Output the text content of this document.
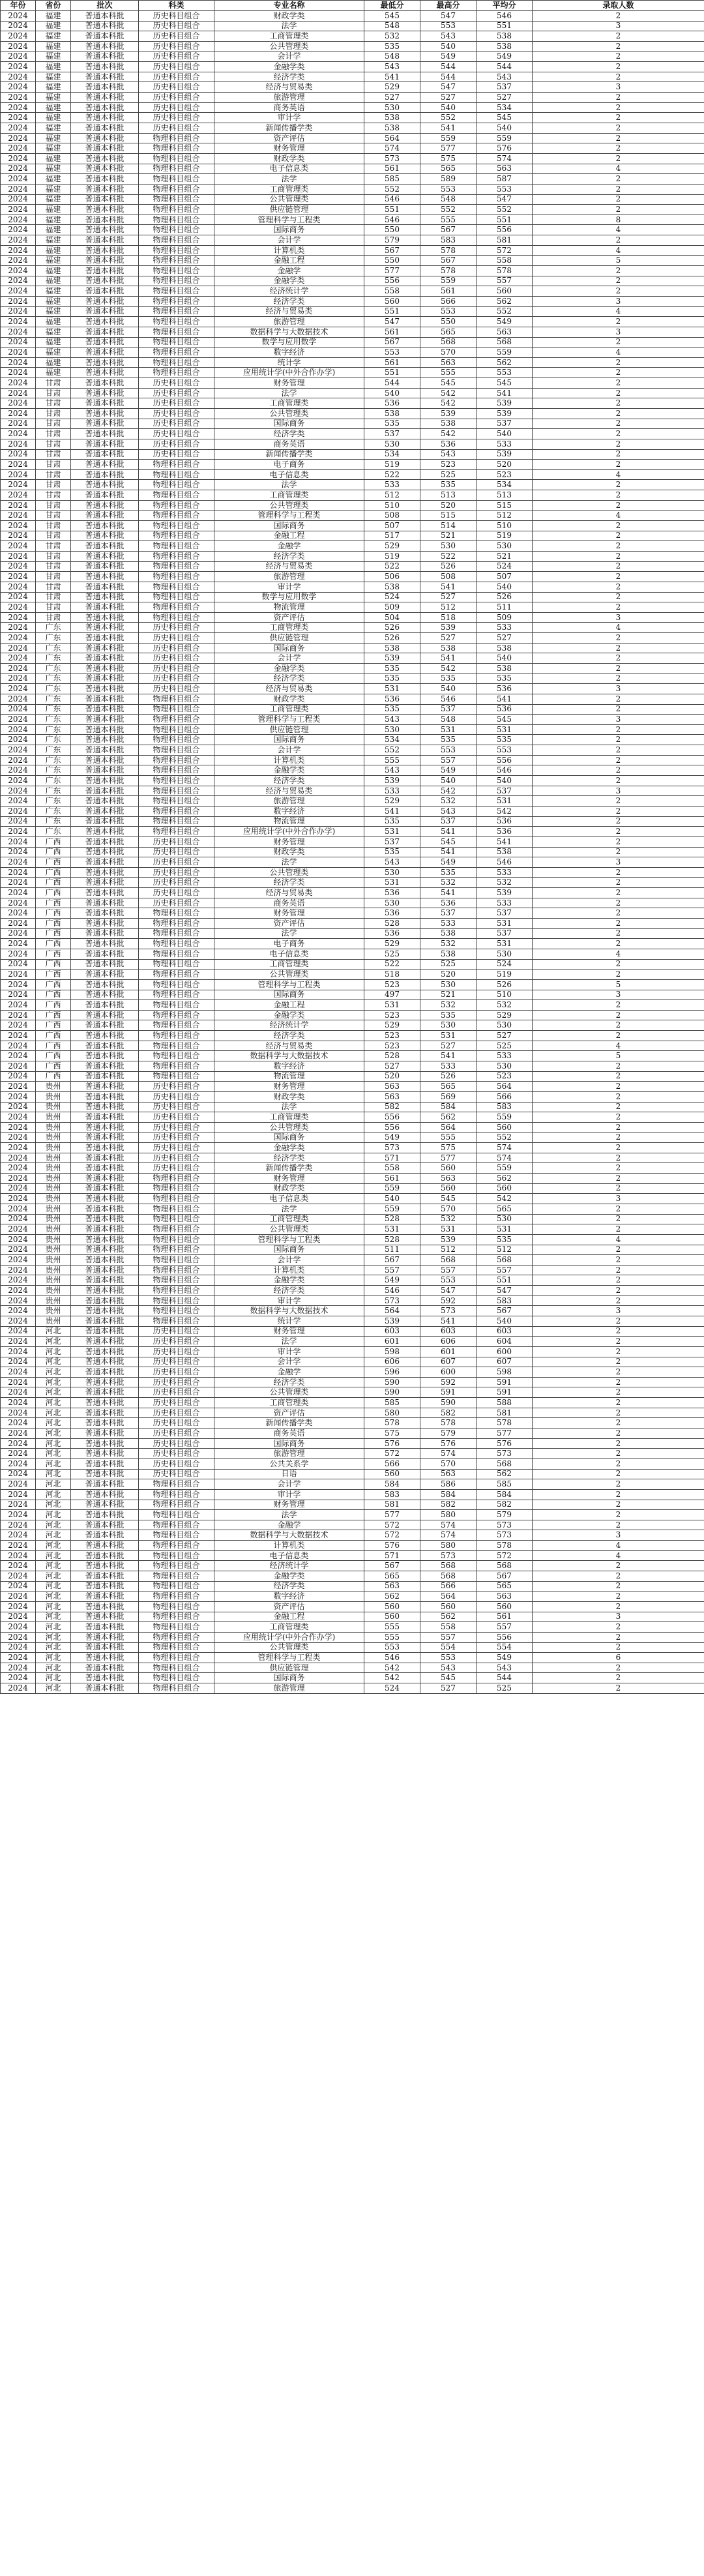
年份	省份	批次	科类	专业名称	最低分	最高分	平均分	录取人数
2024	福建	普通本科批	历史科目组合	财政学类	545	547	546	2
2024	福建	普通本科批	历史科目组合	法学	548	553	551	3
2024	福建	普通本科批	历史科目组合	工商管理类	532	543	538	2
2024	福建	普通本科批	历史科目组合	公共管理类	535	540	538	2
2024	福建	普通本科批	历史科目组合	会计学	548	549	549	2
2024	福建	普通本科批	历史科目组合	金融学类	543	544	544	2
2024	福建	普通本科批	历史科目组合	经济学类	541	544	543	2
2024	福建	普通本科批	历史科目组合	经济与贸易类	529	547	537	3
2024	福建	普通本科批	历史科目组合	旅游管理	527	527	527	2
2024	福建	普通本科批	历史科目组合	商务英语	530	540	534	2
2024	福建	普通本科批	历史科目组合	审计学	538	552	545	2
2024	福建	普通本科批	历史科目组合	新闻传播学类	538	541	540	2
2024	福建	普通本科批	物理科目组合	资产评估	564	559	559	2
2024	福建	普通本科批	物理科目组合	财务管理	574	577	576	2
2024	福建	普通本科批	物理科目组合	财政学类	573	575	574	2
2024	福建	普通本科批	物理科目组合	电子信息类	561	565	563	4
2024	福建	普通本科批	物理科目组合	法学	585	589	587	2
2024	福建	普通本科批	物理科目组合	工商管理类	552	553	553	2
2024	福建	普通本科批	物理科目组合	公共管理类	546	548	547	2
2024	福建	普通本科批	物理科目组合	供应链管理	551	552	552	2
2024	福建	普通本科批	物理科目组合	管理科学与工程类	546	555	551	8
2024	福建	普通本科批	物理科目组合	国际商务	550	567	556	4
2024	福建	普通本科批	物理科目组合	会计学	579	583	581	2
2024	福建	普通本科批	物理科目组合	计算机类	567	578	572	4
2024	福建	普通本科批	物理科目组合	金融工程	550	567	558	5
2024	福建	普通本科批	物理科目组合	金融学	577	578	578	2
2024	福建	普通本科批	物理科目组合	金融学类	556	559	557	2
2024	福建	普通本科批	物理科目组合	经济统计学	558	561	560	2
2024	福建	普通本科批	物理科目组合	经济学类	560	566	562	3
2024	福建	普通本科批	物理科目组合	经济与贸易类	551	553	552	4
2024	福建	普通本科批	物理科目组合	旅游管理	547	550	549	2
2024	福建	普通本科批	物理科目组合	数据科学与大数据技术	561	565	563	3
2024	福建	普通本科批	物理科目组合	数学与应用数学	567	568	568	2
2024	福建	普通本科批	物理科目组合	数字经济	553	570	559	4
2024	福建	普通本科批	物理科目组合	统计学	561	563	562	2
2024	福建	普通本科批	物理科目组合	应用统计学(中外合作办学)	551	555	553	2
2024	甘肃	普通本科批	历史科目组合	财务管理	544	545	545	2
2024	甘肃	普通本科批	历史科目组合	法学	540	542	541	2
2024	甘肃	普通本科批	历史科目组合	工商管理类	536	542	539	2
2024	甘肃	普通本科批	历史科目组合	公共管理类	538	539	539	2
2024	甘肃	普通本科批	历史科目组合	国际商务	535	538	537	2
2024	甘肃	普通本科批	历史科目组合	经济学类	537	542	540	2
2024	甘肃	普通本科批	历史科目组合	商务英语	530	536	533	2
2024	甘肃	普通本科批	历史科目组合	新闻传播学类	534	543	539	2
2024	甘肃	普通本科批	物理科目组合	电子商务	519	523	520	2
2024	甘肃	普通本科批	物理科目组合	电子信息类	522	525	523	4
2024	甘肃	普通本科批	物理科目组合	法学	533	535	534	2
2024	甘肃	普通本科批	物理科目组合	工商管理类	512	513	513	2
2024	甘肃	普通本科批	物理科目组合	公共管理类	510	520	515	2
2024	甘肃	普通本科批	物理科目组合	管理科学与工程类	508	515	512	4
2024	甘肃	普通本科批	物理科目组合	国际商务	507	514	510	2
2024	甘肃	普通本科批	物理科目组合	金融工程	517	521	519	2
2024	甘肃	普通本科批	物理科目组合	金融学	529	530	530	2
2024	甘肃	普通本科批	物理科目组合	经济学类	519	522	521	2
2024	甘肃	普通本科批	物理科目组合	经济与贸易类	522	526	524	2
2024	甘肃	普通本科批	物理科目组合	旅游管理	506	508	507	2
2024	甘肃	普通本科批	物理科目组合	审计学	538	541	540	2
2024	甘肃	普通本科批	物理科目组合	数学与应用数学	524	527	526	2
2024	甘肃	普通本科批	物理科目组合	物流管理	509	512	511	2
2024	甘肃	普通本科批	物理科目组合	资产评估	504	518	509	3
2024	广东	普通本科批	历史科目组合	工商管理类	526	539	533	4
2024	广东	普通本科批	历史科目组合	供应链管理	526	527	527	2
2024	广东	普通本科批	历史科目组合	国际商务	538	538	538	2
2024	广东	普通本科批	历史科目组合	会计学	539	541	540	2
2024	广东	普通本科批	历史科目组合	金融学类	535	542	538	2
2024	广东	普通本科批	历史科目组合	经济学类	535	535	535	2
2024	广东	普通本科批	历史科目组合	经济与贸易类	531	540	536	3
2024	广东	普通本科批	物理科目组合	财政学类	536	546	541	2
2024	广东	普通本科批	物理科目组合	工商管理类	535	537	536	2
2024	广东	普通本科批	物理科目组合	管理科学与工程类	543	548	545	3
2024	广东	普通本科批	物理科目组合	供应链管理	530	531	531	2
2024	广东	普通本科批	物理科目组合	国际商务	534	535	535	2
2024	广东	普通本科批	物理科目组合	会计学	552	553	553	2
2024	广东	普通本科批	物理科目组合	计算机类	555	557	556	2
2024	广东	普通本科批	物理科目组合	金融学类	543	549	546	2
2024	广东	普通本科批	物理科目组合	经济学类	539	540	540	2
2024	广东	普通本科批	物理科目组合	经济与贸易类	533	542	537	3
2024	广东	普通本科批	物理科目组合	旅游管理	529	532	531	2
2024	广东	普通本科批	物理科目组合	数字经济	541	543	542	2
2024	广东	普通本科批	物理科目组合	物流管理	535	537	536	2
2024	广东	普通本科批	物理科目组合	应用统计学(中外合作办学)	531	541	536	2
2024	广西	普通本科批	历史科目组合	财务管理	537	545	541	2
2024	广西	普通本科批	历史科目组合	财政学类	535	541	538	2
2024	广西	普通本科批	历史科目组合	法学	543	549	546	3
2024	广西	普通本科批	历史科目组合	公共管理类	530	535	533	2
2024	广西	普通本科批	历史科目组合	经济学类	531	532	532	2
2024	广西	普通本科批	历史科目组合	经济与贸易类	536	541	539	2
2024	广西	普通本科批	历史科目组合	商务英语	530	536	533	2
2024	广西	普通本科批	物理科目组合	财务管理	536	537	537	2
2024	广西	普通本科批	物理科目组合	资产评估	528	533	531	2
2024	广西	普通本科批	物理科目组合	法学	536	538	537	2
2024	广西	普通本科批	物理科目组合	电子商务	529	532	531	2
2024	广西	普通本科批	物理科目组合	电子信息类	525	538	530	4
2024	广西	普通本科批	物理科目组合	工商管理类	522	525	524	2
2024	广西	普通本科批	物理科目组合	公共管理类	518	520	519	2
2024	广西	普通本科批	物理科目组合	管理科学与工程类	523	530	526	5
2024	广西	普通本科批	物理科目组合	国际商务	497	521	510	3
2024	广西	普通本科批	物理科目组合	金融工程	531	532	532	2
2024	广西	普通本科批	物理科目组合	金融学类	523	535	529	2
2024	广西	普通本科批	物理科目组合	经济统计学	529	530	530	2
2024	广西	普通本科批	物理科目组合	经济学类	523	531	527	2
2024	广西	普通本科批	物理科目组合	经济与贸易类	523	527	525	4
2024	广西	普通本科批	物理科目组合	数据科学与大数据技术	528	541	533	5
2024	广西	普通本科批	物理科目组合	数字经济	527	533	530	2
2024	广西	普通本科批	物理科目组合	物流管理	520	526	523	2
2024	贵州	普通本科批	历史科目组合	财务管理	563	565	564	2
2024	贵州	普通本科批	历史科目组合	财政学类	563	569	566	2
2024	贵州	普通本科批	历史科目组合	法学	582	584	583	2
2024	贵州	普通本科批	历史科目组合	工商管理类	556	562	559	2
2024	贵州	普通本科批	历史科目组合	公共管理类	556	564	560	2
2024	贵州	普通本科批	历史科目组合	国际商务	549	555	552	2
2024	贵州	普通本科批	历史科目组合	金融学类	573	575	574	2
2024	贵州	普通本科批	历史科目组合	经济学类	571	577	574	2
2024	贵州	普通本科批	历史科目组合	新闻传播学类	558	560	559	2
2024	贵州	普通本科批	物理科目组合	财务管理	561	563	562	2
2024	贵州	普通本科批	物理科目组合	财政学类	559	560	560	2
2024	贵州	普通本科批	物理科目组合	电子信息类	540	545	542	3
2024	贵州	普通本科批	物理科目组合	法学	559	570	565	2
2024	贵州	普通本科批	物理科目组合	工商管理类	528	532	530	2
2024	贵州	普通本科批	物理科目组合	公共管理类	531	531	531	2
2024	贵州	普通本科批	物理科目组合	管理科学与工程类	528	539	535	4
2024	贵州	普通本科批	物理科目组合	国际商务	511	512	512	2
2024	贵州	普通本科批	物理科目组合	会计学	567	568	568	2
2024	贵州	普通本科批	物理科目组合	计算机类	557	557	557	2
2024	贵州	普通本科批	物理科目组合	金融学类	549	553	551	2
2024	贵州	普通本科批	物理科目组合	经济学类	546	547	547	2
2024	贵州	普通本科批	物理科目组合	审计学	573	592	583	2
2024	贵州	普通本科批	物理科目组合	数据科学与大数据技术	564	573	567	3
2024	贵州	普通本科批	物理科目组合	统计学	539	541	540	2
2024	河北	普通本科批	历史科目组合	财务管理	603	603	603	2
2024	河北	普通本科批	历史科目组合	法学	601	606	604	2
2024	河北	普通本科批	历史科目组合	审计学	598	601	600	2
2024	河北	普通本科批	历史科目组合	会计学	606	607	607	2
2024	河北	普通本科批	历史科目组合	金融学	596	600	598	2
2024	河北	普通本科批	历史科目组合	经济学类	590	592	591	2
2024	河北	普通本科批	历史科目组合	公共管理类	590	591	591	2
2024	河北	普通本科批	历史科目组合	工商管理类	585	590	588	2
2024	河北	普通本科批	历史科目组合	资产评估	580	582	581	2
2024	河北	普通本科批	历史科目组合	新闻传播学类	578	578	578	2
2024	河北	普通本科批	历史科目组合	商务英语	575	579	577	2
2024	河北	普通本科批	历史科目组合	国际商务	576	576	576	2
2024	河北	普通本科批	历史科目组合	旅游管理	572	574	573	2
2024	河北	普通本科批	历史科目组合	公共关系学	566	570	568	2
2024	河北	普通本科批	历史科目组合	日语	560	563	562	2
2024	河北	普通本科批	物理科目组合	会计学	584	586	585	2
2024	河北	普通本科批	物理科目组合	审计学	583	584	584	2
2024	河北	普通本科批	物理科目组合	财务管理	581	582	582	2
2024	河北	普通本科批	物理科目组合	法学	577	580	579	2
2024	河北	普通本科批	物理科目组合	金融学	572	574	573	2
2024	河北	普通本科批	物理科目组合	数据科学与大数据技术	572	574	573	3
2024	河北	普通本科批	物理科目组合	计算机类	576	580	578	4
2024	河北	普通本科批	物理科目组合	电子信息类	571	573	572	4
2024	河北	普通本科批	物理科目组合	经济统计学	567	568	568	2
2024	河北	普通本科批	物理科目组合	金融学类	565	568	567	2
2024	河北	普通本科批	物理科目组合	经济学类	563	566	565	2
2024	河北	普通本科批	物理科目组合	数字经济	562	564	563	2
2024	河北	普通本科批	物理科目组合	资产评估	560	560	560	2
2024	河北	普通本科批	物理科目组合	金融工程	560	562	561	3
2024	河北	普通本科批	物理科目组合	工商管理类	555	558	557	2
2024	河北	普通本科批	物理科目组合	应用统计学(中外合作办学)	555	557	556	2
2024	河北	普通本科批	物理科目组合	公共管理类	553	554	554	2
2024	河北	普通本科批	物理科目组合	管理科学与工程类	546	553	549	6
2024	河北	普通本科批	物理科目组合	供应链管理	542	543	543	2
2024	河北	普通本科批	物理科目组合	国际商务	542	545	544	2
2024	河北	普通本科批	物理科目组合	旅游管理	524	527	525	2
